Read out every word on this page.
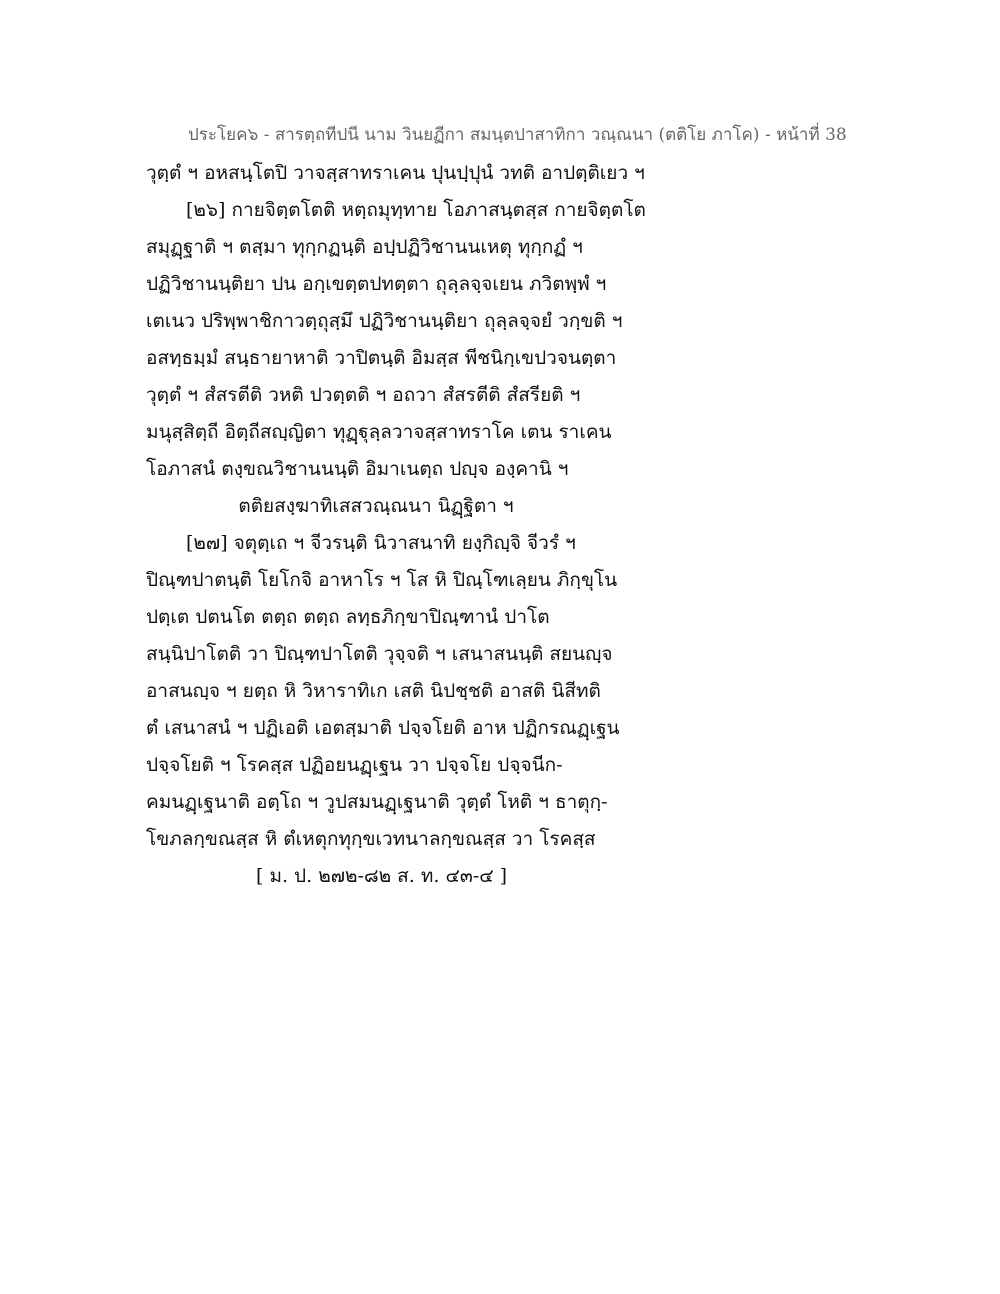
ประโยค๖ - สารตฺถทีปนี นาม วินยฏีกา สมนฺตปาสาทิกา วณฺณนา (ตติโย ภาโค) - หน้าที่ 38
วุตฺตํ ฯ อหสนฺโตปิ วาจสฺสาทราเคน ปุนปฺปุนํ วทติ อาปตฺติเยว ฯ
[๒๖] กายจิตฺตโตติ หตฺถมุทฺทาย โอภาสนฺตสฺส กายจิตฺตโต
สมุฏฺฐาติ ฯ ตสฺมา ทุกฺกฏนฺติ อปฺปฏิวิชานนเหตุ ทุกฺกฏํ ฯ
ปฏิวิชานนฺติยา ปน อกฺเขตฺตปทตฺตา ถุลฺลจฺจเยน ภวิตพฺพํ ฯ
เตเนว ปริพฺพาชิกาวตฺถุสฺมึ ปฏิวิชานนฺติยา ถุลฺลจฺจยํ วกฺขติ ฯ
อสทฺธมฺมํ สนฺธายาหาติ วาปิตนฺติ อิมสฺส พีชนิกฺเขปวจนตฺตา
วุตฺตํ ฯ สํสรตีติ วหติ ปวตฺตติ ฯ อถวา สํสรตีติ สํสรียติ ฯ
มนุสฺสิตฺถี อิตฺถีสญฺญิตา ทุฏฺฐุลฺลวาจสฺสาทราโค เตน ราเคน
โอภาสนํ ตงฺขณวิชานนนฺติ อิมาเนตฺถ ปญฺจ องฺคานิ ฯ
ตติยสงฺฆาทิเสสวณฺณนา นิฏฺฐิตา ฯ
[๒๗] จตุตฺเถ ฯ จีวรนฺติ นิวาสนาทิ ยงฺกิญฺจิ จีวรํ ฯ
ปิณฺฑปาตนฺติ โยโกจิ อาหาโร ฯ โส หิ ปิณฺโฑเลฺยน ภิกฺขุโน
ปตฺเต ปตนโต ตตฺถ ตตฺถ ลทฺธภิกฺขาปิณฺฑานํ ปาโต
สนฺนิปาโตติ วา ปิณฺฑปาโตติ วุจฺจติ ฯ เสนาสนนฺติ สยนญฺจ
อาสนญฺจ ฯ ยตฺถ หิ วิหาราทิเก เสติ นิปชฺชติ อาสติ นิสีทติ
ตํ เสนาสนํ ฯ ปฏิเอติ เอตสฺมาติ ปจฺจโยติ อาห ปฏิกรณฏฺเฐน
ปจฺจโยติ ฯ โรคสฺส ปฏิอยนฏฺเฐน วา ปจฺจโย ปจฺจนีก-
คมนฏฺเฐนาติ อตฺโถ ฯ วูปสมนฏฺเฐนาติ วุตฺตํ โหติ ฯ ธาตุกฺ-
โขภลกฺขณสฺส หิ ตํเหตุกทุกฺขเวทนาลกฺขณสฺส วา โรคสฺส
[ ม. ป. ๒๗๒-๘๒ ส. ท. ๔๓-๔ ]
